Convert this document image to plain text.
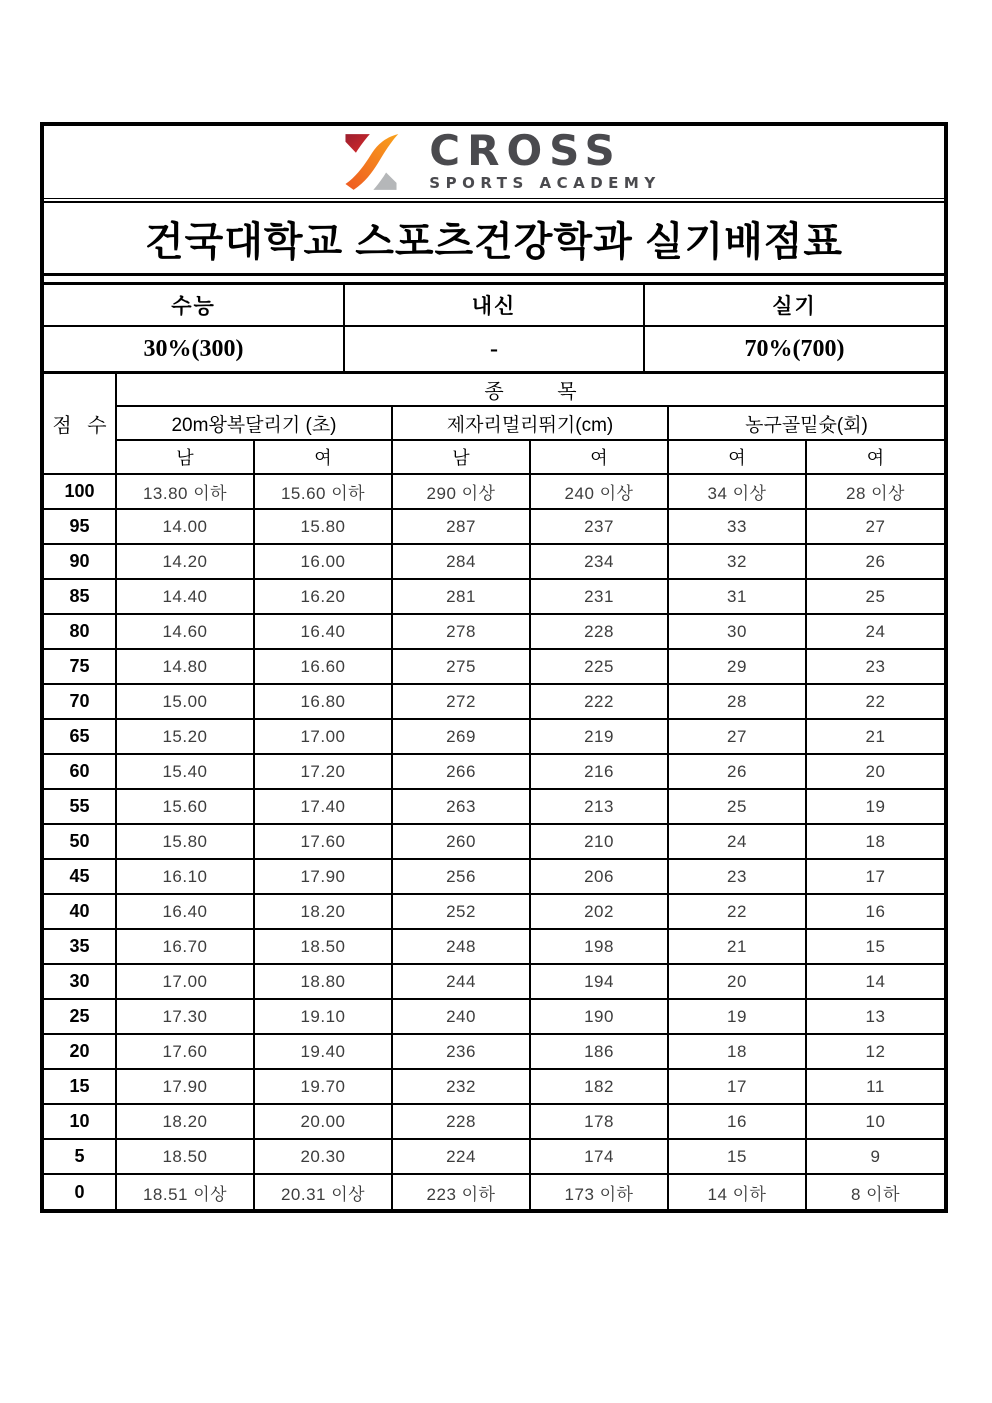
CROSS
SPORTS ACADEMY
건국대학교 스포츠건강학과 실기배점표
수능	내신	실기
30%(300)	-	70%(700)
점 수	종 목					
	20m왕복달리기 (초)		제자리멀리뛰기(cm)		농구골밑슛(회)	
	남	여	남	여	여	여
100	13.80 이하	15.60 이하	290 이상	240 이상	34 이상	28 이상
95	14.00	15.80	287	237	33	27
90	14.20	16.00	284	234	32	26
85	14.40	16.20	281	231	31	25
80	14.60	16.40	278	228	30	24
75	14.80	16.60	275	225	29	23
70	15.00	16.80	272	222	28	22
65	15.20	17.00	269	219	27	21
60	15.40	17.20	266	216	26	20
55	15.60	17.40	263	213	25	19
50	15.80	17.60	260	210	24	18
45	16.10	17.90	256	206	23	17
40	16.40	18.20	252	202	22	16
35	16.70	18.50	248	198	21	15
30	17.00	18.80	244	194	20	14
25	17.30	19.10	240	190	19	13
20	17.60	19.40	236	186	18	12
15	17.90	19.70	232	182	17	11
10	18.20	20.00	228	178	16	10
5	18.50	20.30	224	174	15	9
0	18.51 이상	20.31 이상	223 이하	173 이하	14 이하	8 이하
